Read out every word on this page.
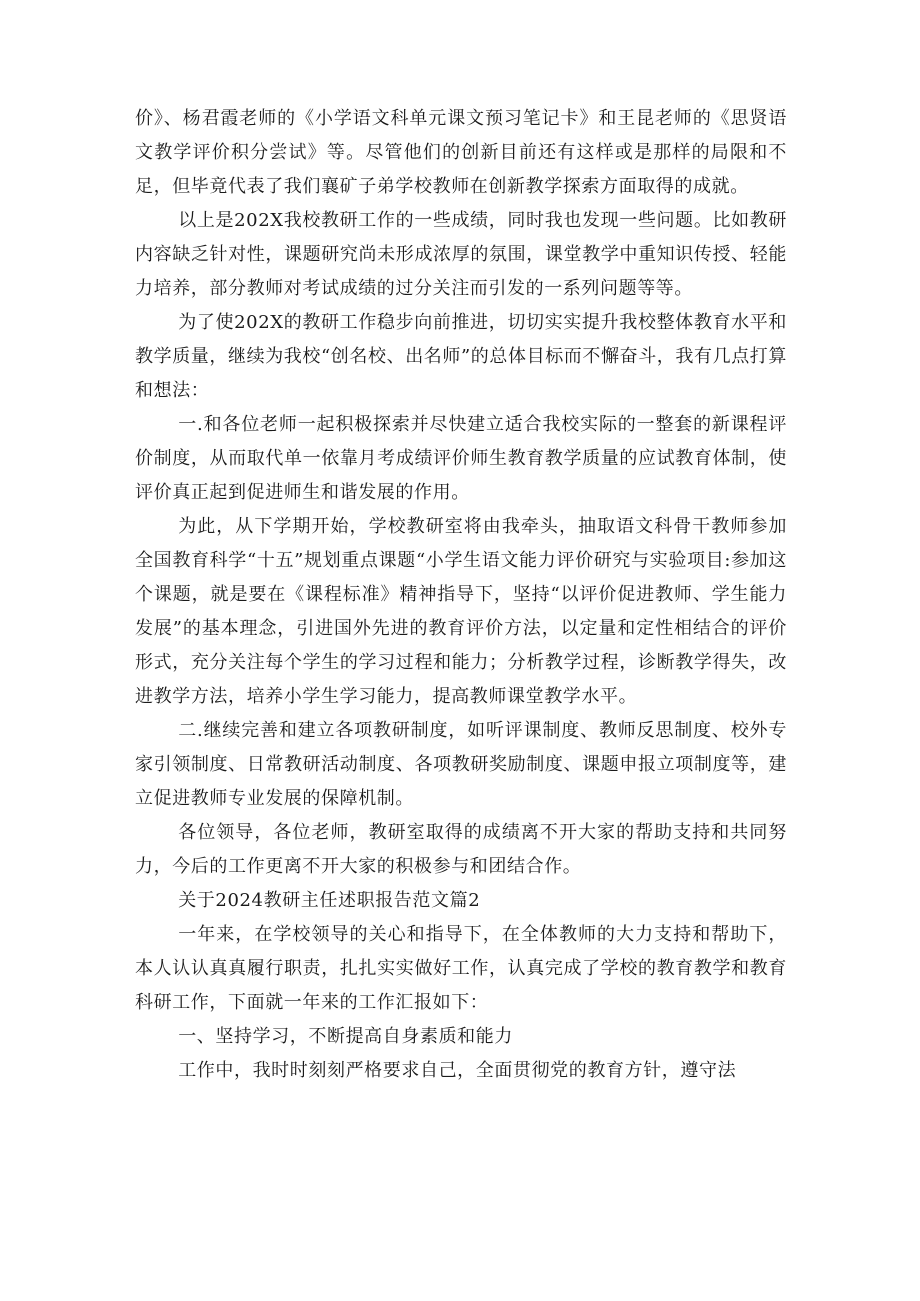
价》、杨君霞老师的《小学语文科单元课文预习笔记卡》和王昆老师的《思贤语文教学评价积分尝试》等。尽管他们的创新目前还有这样或是那样的局限和不足，但毕竟代表了我们襄矿子弟学校教师在创新教学探索方面取得的成就。

以上是202X我校教研工作的一些成绩，同时我也发现一些问题。比如教研内容缺乏针对性，课题研究尚未形成浓厚的氛围，课堂教学中重知识传授、轻能力培养，部分教师对考试成绩的过分关注而引发的一系列问题等等。

为了使202X的教研工作稳步向前推进，切切实实提升我校整体教育水平和教学质量，继续为我校“创名校、出名师”的总体目标而不懈奋斗，我有几点打算和想法：

一.和各位老师一起积极探索并尽快建立适合我校实际的一整套的新课程评价制度，从而取代单一依靠月考成绩评价师生教育教学质量的应试教育体制，使评价真正起到促进师生和谐发展的作用。

为此，从下学期开始，学校教研室将由我牵头，抽取语文科骨干教师参加全国教育科学“十五”规划重点课题“小学生语文能力评价研究与实验项目:参加这个课题，就是要在《课程标准》精神指导下，坚持“以评价促进教师、学生能力发展”的基本理念，引进国外先进的教育评价方法，以定量和定性相结合的评价形式，充分关注每个学生的学习过程和能力；分析教学过程，诊断教学得失，改进教学方法，培养小学生学习能力，提高教师课堂教学水平。

二.继续完善和建立各项教研制度，如听评课制度、教师反思制度、校外专家引领制度、日常教研活动制度、各项教研奖励制度、课题申报立项制度等，建立促进教师专业发展的保障机制。

各位领导，各位老师，教研室取得的成绩离不开大家的帮助支持和共同努力，今后的工作更离不开大家的积极参与和团结合作。

关于2024教研主任述职报告范文篇2

一年来，在学校领导的关心和指导下，在全体教师的大力支持和帮助下，本人认认真真履行职责，扎扎实实做好工作，认真完成了学校的教育教学和教育科研工作，下面就一年来的工作汇报如下：

一、坚持学习，不断提高自身素质和能力

工作中，我时时刻刻严格要求自己，全面贯彻党的教育方针，遵守法
